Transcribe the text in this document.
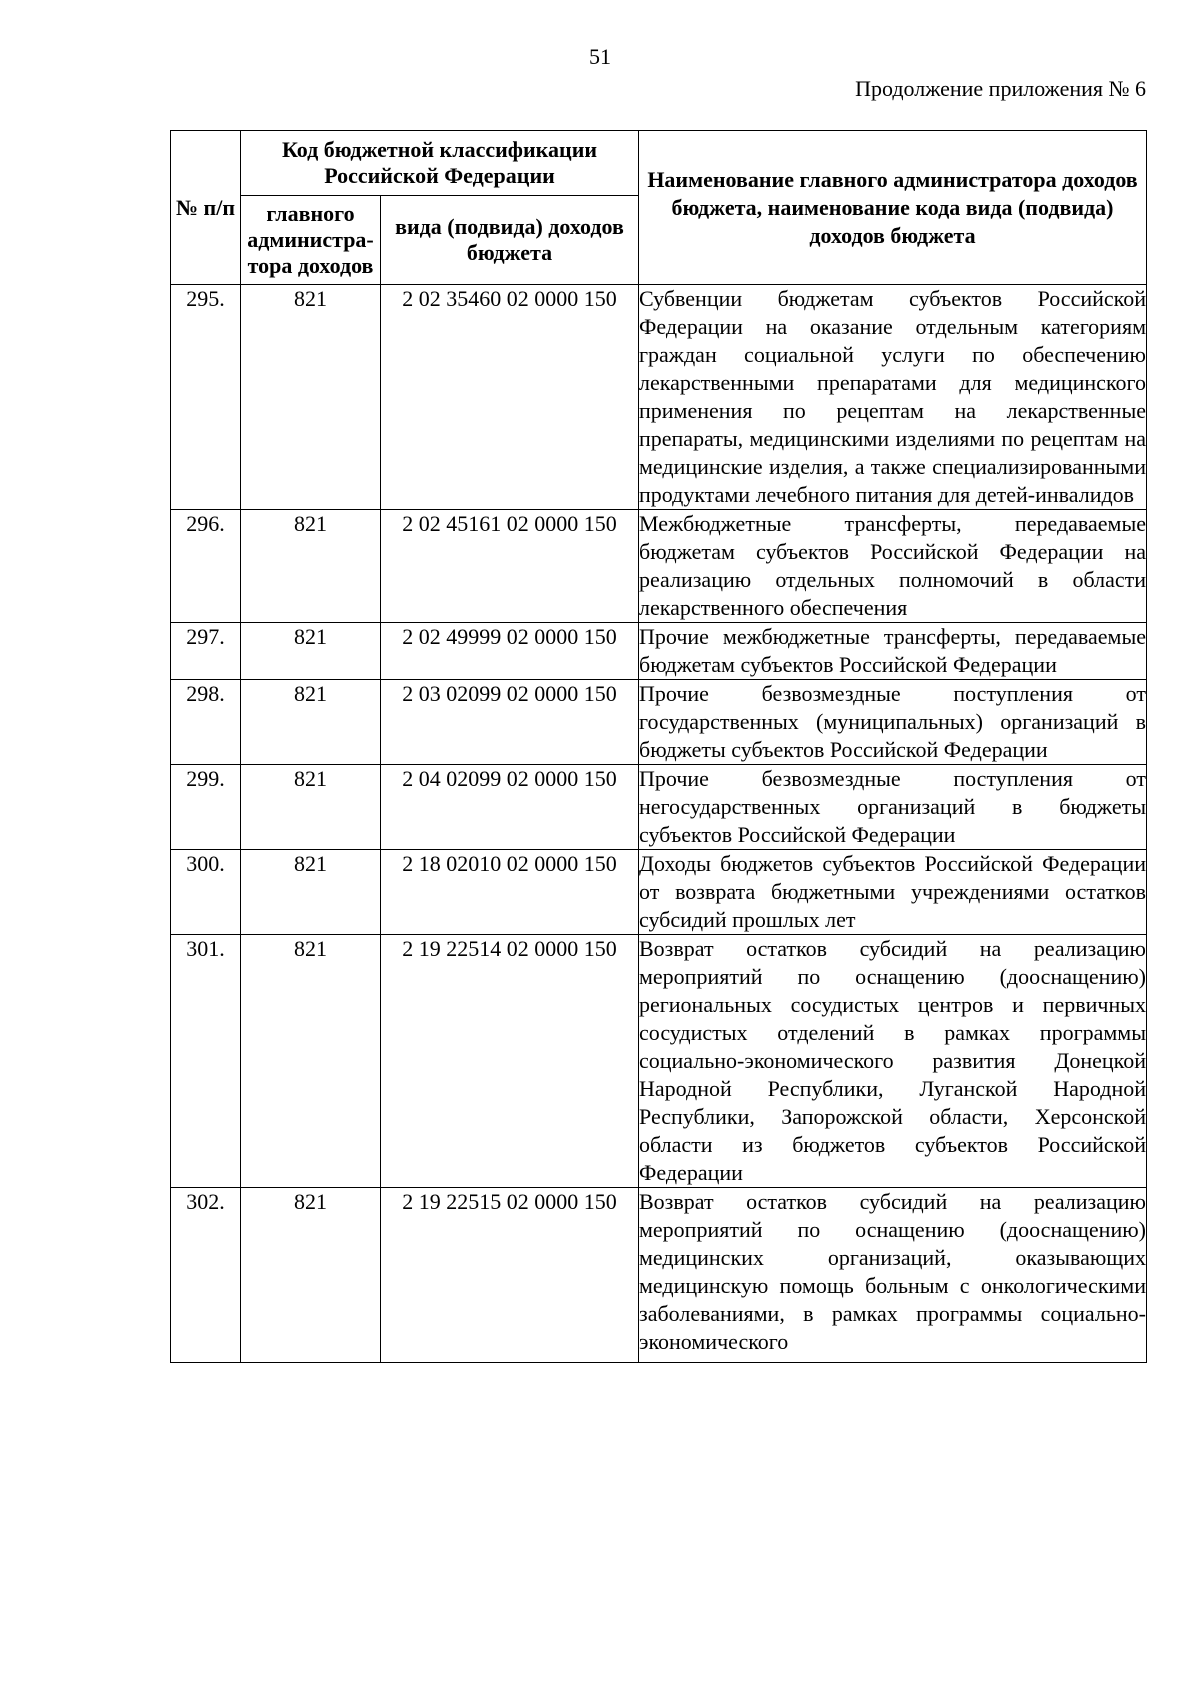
51
Продолжение приложения № 6
№ п/п	Код бюджетной классификации Российской Федерации		Наименование главного администратора доходов бюджета, наименование кода вида (подвида) доходов бюджета
	главного администра-тора доходов	вида (подвида) доходов бюджета	
295.	821	2 02 35460 02 0000 150	Субвенции бюджетам субъектов Российской Федерации на оказание отдельным категориям граждан социальной услуги по обеспечению лекарственными препаратами для медицинского применения по рецептам на лекарственные препараты, медицинскими изделиями по рецептам на медицинские изделия, а также специализированными продуктами лечебного питания для детей-инвалидов

296.	821	2 02 45161 02 0000 150	Межбюджетные трансферты, передаваемые бюджетам субъектов Российской Федерации на реализацию отдельных полномочий в области лекарственного обеспечения

297.	821	2 02 49999 02 0000 150	Прочие межбюджетные трансферты, передаваемые бюджетам субъектов Российской Федерации

298.	821	2 03 02099 02 0000 150	Прочие безвозмездные поступления от государственных (муниципальных) организаций в бюджеты субъектов Российской Федерации

299.	821	2 04 02099 02 0000 150	Прочие безвозмездные поступления от негосударственных организаций в бюджеты субъектов Российской Федерации

300.	821	2 18 02010 02 0000 150	Доходы бюджетов субъектов Российской Федерации от возврата бюджетными учреждениями остатков субсидий прошлых лет

301.	821	2 19 22514 02 0000 150	Возврат остатков субсидий на реализацию мероприятий по оснащению (дооснащению) региональных сосудистых центров и первичных сосудистых отделений в рамках программы социально-экономического развития Донецкой Народной Республики, Луганской Народной Республики, Запорожской области, Херсонской области из бюджетов субъектов Российской Федерации

302.	821	2 19 22515 02 0000 150	Возврат остатков субсидий на реализацию мероприятий по оснащению (дооснащению) медицинских организаций, оказывающих медицинскую помощь больным с онкологическими заболеваниями, в рамках программы социально-экономического
